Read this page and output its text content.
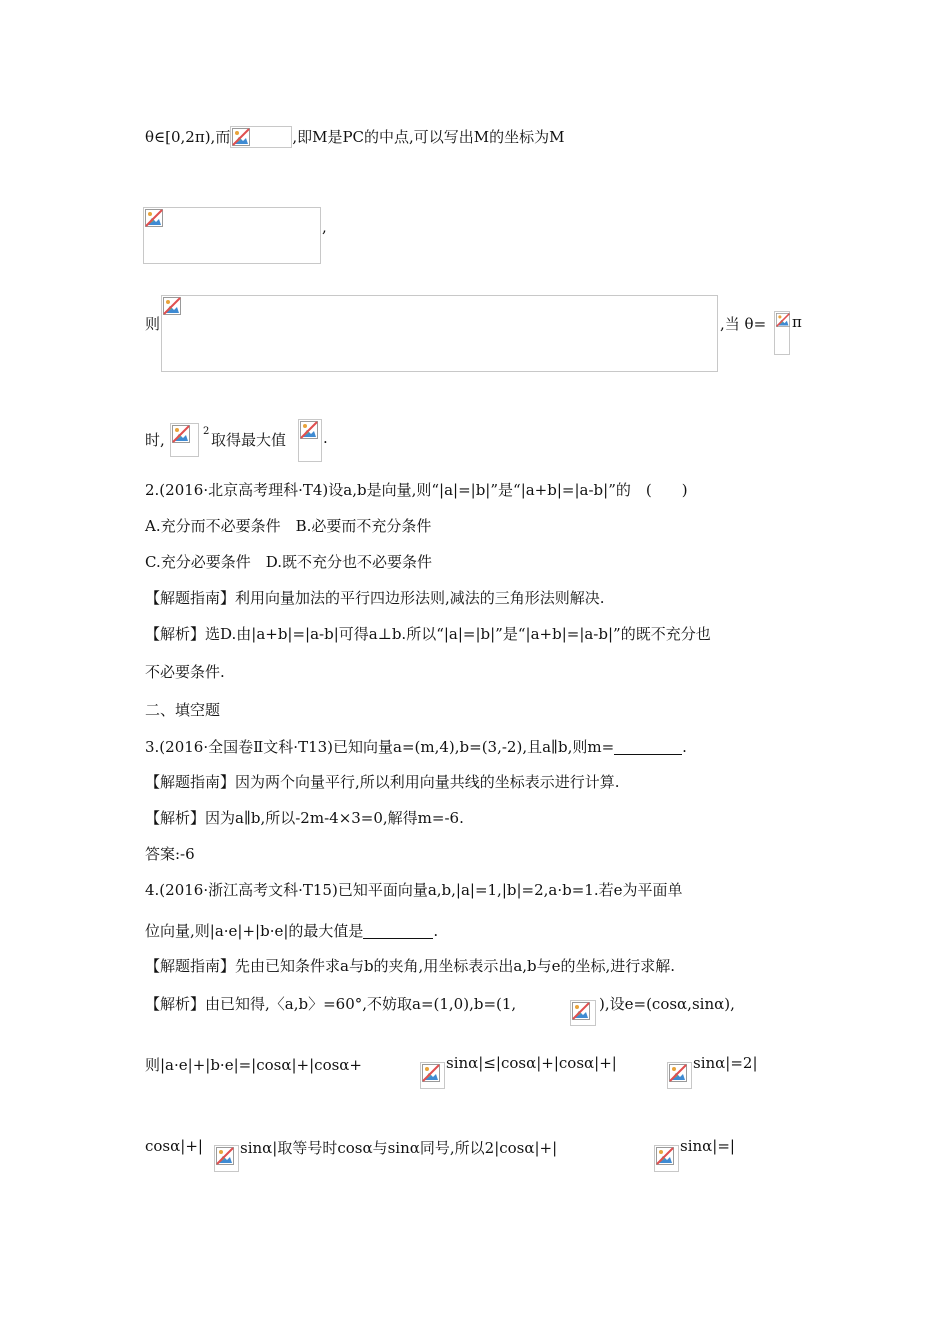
θ∈[0,2π),而	,即M是PC的中点,可以写出M的坐标为M
,
则	,当 θ= π
时,	2 取得最大值 .
2.(2016·北京高考理科·T4)设a,b是向量,则“|a|=|b|”是“|a+b|=|a-b|”的　(　　)
A.充分而不必要条件　B.必要而不充分条件
C.充分必要条件　D.既不充分也不必要条件
【解题指南】利用向量加法的平行四边形法则,减法的三角形法则解决.
【解析】选D.由|a+b|=|a-b|可得a⊥b.所以“|a|=|b|”是“|a+b|=|a-b|”的既不充分也
不必要条件.
二、填空题
3.(2016·全国卷Ⅱ文科·T13)已知向量a=(m,4),b=(3,-2),且a∥b,则m=	.
【解题指南】因为两个向量平行,所以利用向量共线的坐标表示进行计算.
【解析】因为a∥b,所以-2m-4×3=0,解得m=-6.
答案:-6
4.(2016·浙江高考文科·T15)已知平面向量a,b,|a|=1,|b|=2,a·b=1.若e为平面单
位向量,则|a·e|+|b·e|的最大值是	.
【解题指南】先由已知条件求a与b的夹角,用坐标表示出a,b与e的坐标,进行求解.
【解析】由已知得,〈a,b〉=60°,不妨取a=(1,0),b=(1,	),设e=(cosα,sinα),
则|a·e|+|b·e|=|cosα|+|cosα+	sinα|≤|cosα|+|cosα|+|	sinα|=2|
cosα|+| sinα|取等号时cosα与sinα同号,所以2|cosα|+|	sinα|=|
